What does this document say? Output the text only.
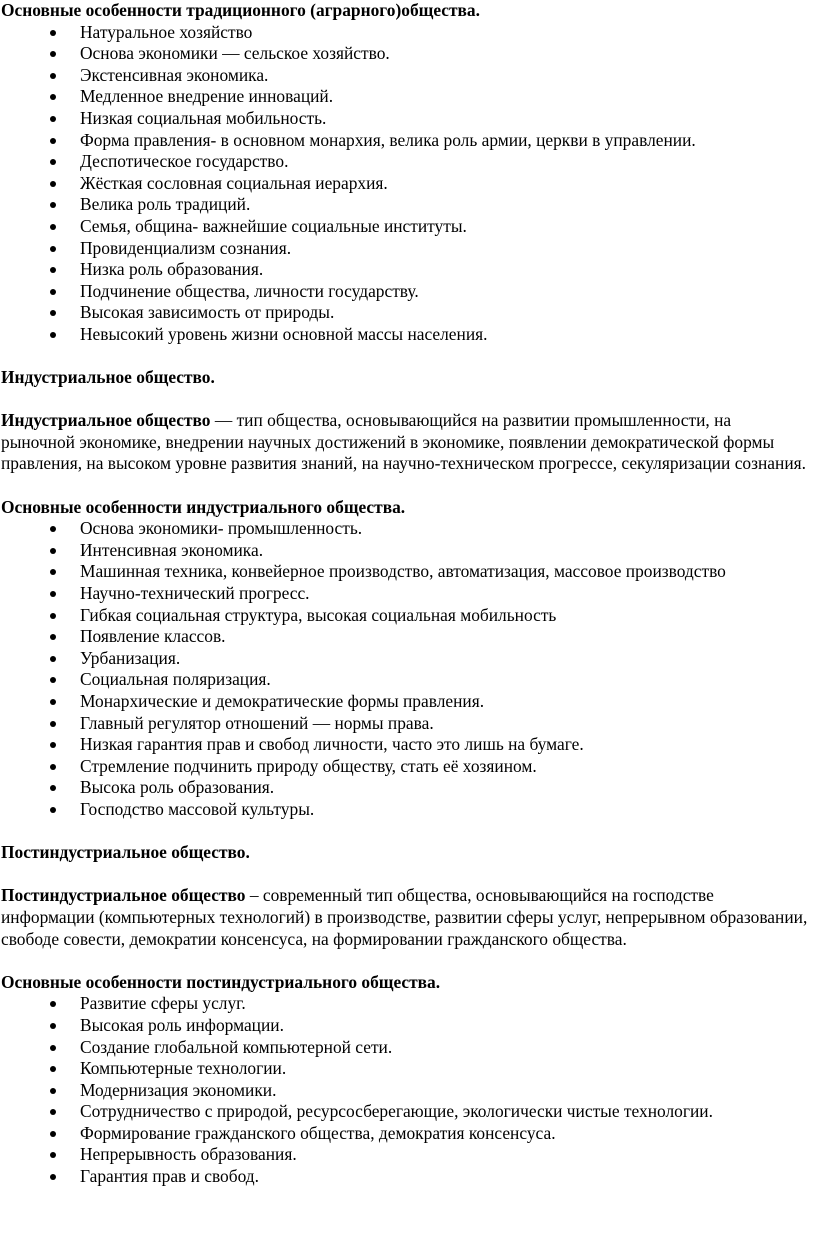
Основные особенности традиционного (аграрного)общества.
Натуральное хозяйство
Основа экономики — сельское хозяйство.
Экстенсивная экономика.
Медленное внедрение инноваций.
Низкая социальная мобильность.
Форма правления- в основном монархия, велика роль армии, церкви в управлении.
Деспотическое государство.
Жёсткая сословная социальная иерархия.
Велика роль традиций.
Семья, община- важнейшие социальные институты.
Провиденциализм сознания.
Низка роль образования.
Подчинение общества, личности государству.
Высокая зависимость от природы.
Невысокий уровень жизни основной массы населения.
Индустриальное общество.

Индустриальное общество — тип общества, основывающийся на развитии промышленности, на рыночной экономике, внедрении научных достижений в экономике, появлении демократической формы правления, на высоком уровне развития знаний, на научно-техническом прогрессе, секуляризации сознания.

Основные особенности индустриального общества.
Основа экономики- промышленность.
Интенсивная экономика.
Машинная техника, конвейерное производство, автоматизация, массовое производство
Научно-технический прогресс.
Гибкая социальная структура, высокая социальная мобильность
Появление классов.
Урбанизация.
Социальная поляризация.
Монархические и демократические формы правления.
Главный регулятор отношений — нормы права.
Низкая гарантия прав и свобод личности, часто это лишь на бумаге.
Стремление подчинить природу обществу, стать её хозяином.
Высока роль образования.
Господство массовой культуры.
Постиндустриальное общество.

Постиндустриальное общество – современный тип общества, основывающийся на господстве информации (компьютерных технологий) в производстве, развитии сферы услуг, непрерывном образовании, свободе совести, демократии консенсуса, на формировании гражданского общества.

Основные особенности постиндустриального общества.
Развитие сферы услуг.
Высокая роль информации.
Создание глобальной компьютерной сети.
Компьютерные технологии.
Модернизация экономики.
Сотрудничество с природой, ресурсосберегающие, экологически чистые технологии.
Формирование гражданского общества, демократия консенсуса.
Непрерывность образования.
Гарантия прав и свобод.
